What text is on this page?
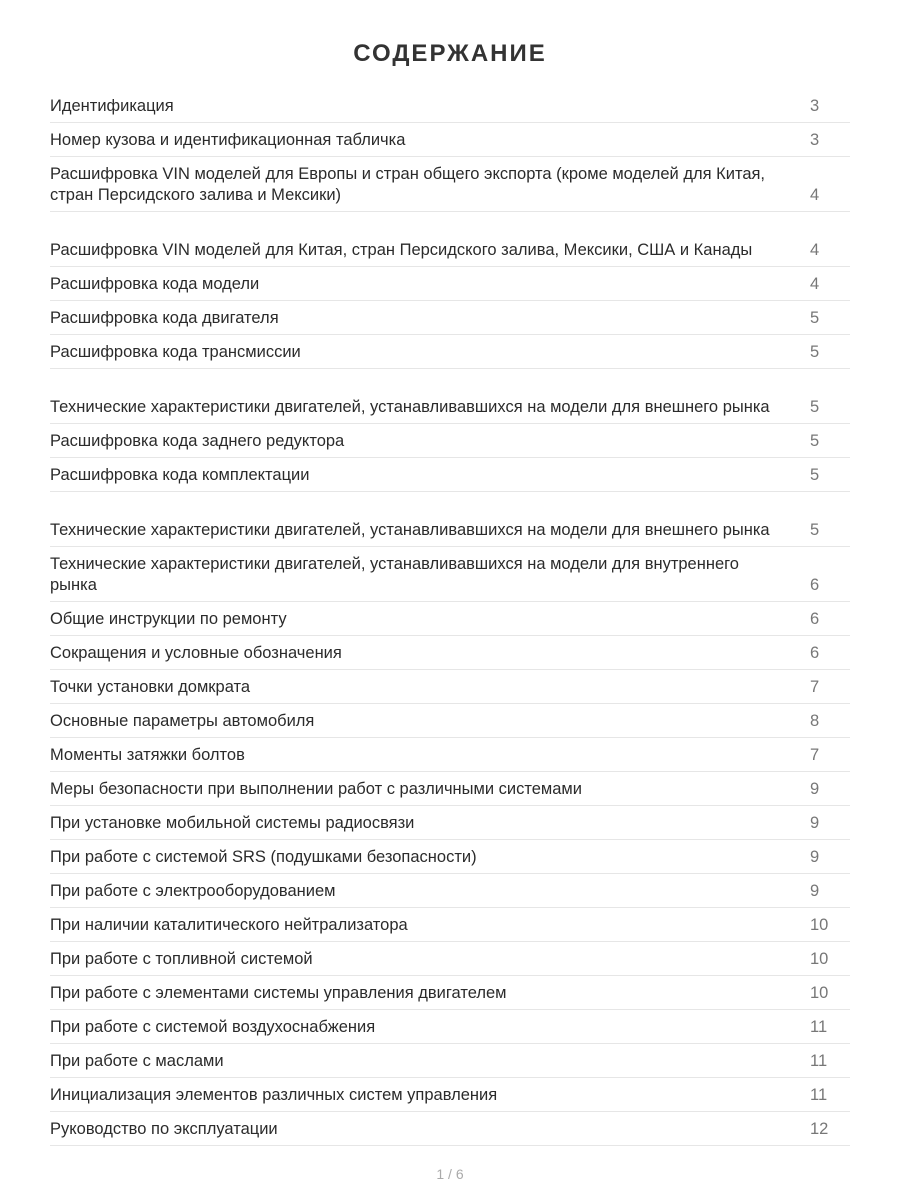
СОДЕРЖАНИЕ
Идентификация	3
Номер кузова и идентификационная табличка	3
Расшифровка VIN моделей для Европы и стран общего экспорта (кроме моделей для Китая, стран Персидского залива и Мексики)	4
Расшифровка VIN моделей для Китая, стран Персидского залива, Мексики, США и Канады	4
Расшифровка кода модели	4
Расшифровка кода двигателя	5
Расшифровка кода трансмиссии	5
Технические характеристики двигателей, устанавливавшихся на модели для внешнего рынка 5
Расшифровка кода заднего редуктора	5
Расшифровка кода комплектации	5
Технические характеристики двигателей, устанавливавшихся на модели для внешнего рынка 5
Технические характеристики двигателей, устанавливавшихся на модели для внутреннего рынка	6
Общие инструкции по ремонту	6
Сокращения и условные обозначения	6
Точки установки домкрата	7
Основные параметры автомобиля	8
Моменты затяжки болтов	7
Меры безопасности при выполнении работ с различными системами	9
При установке мобильной системы радиосвязи	9
При работе с системой SRS (подушками безопасности)	9
При работе с электрооборудованием	9
При наличии каталитического нейтрализатора	10
При работе с топливной системой	10
При работе с элементами системы управления двигателем	10
При работе с системой воздухоснабжения	11
При работе с маслами	11
Инициализация элементов различных систем управления	11
Руководство по эксплуатации	12
1 / 6
